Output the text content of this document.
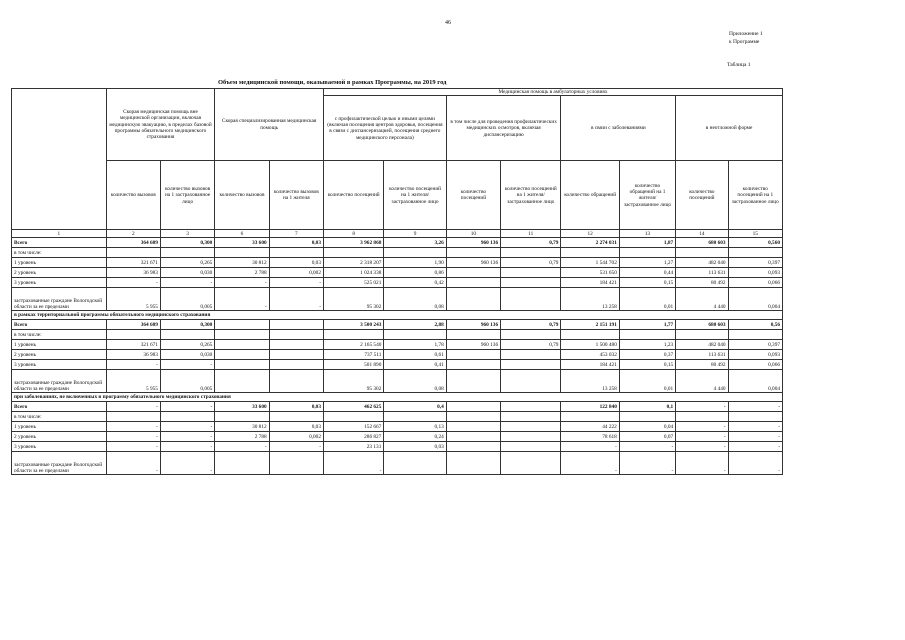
46
Приложение 1
к Программе
Таблица 1
Объем медицинской помощи, оказываемой в рамках Программы, на 2019 год
	Скорая медицинская помощь вне медицинской организации, включая медицинскую эвакуацию, в пределах базовой программы обязательного медицинского страхования		Скорая специализированная медицинская помощь		Медицинская помощь в амбулаторных условиях							
					с профилактической целью и иными целями (включая посещения центров здоровья, посещения в связи с диспансеризацией, посещения среднего медицинского персонала)		в том числе для проведения профилактических медицинских осмотров, включая диспансеризацию		в связи с заболеваниями		в неотложной форме	
	количество вызовов	количество вызовов на 1 застрахованное лицо	количество вызовов	количество вызовов на 1 жителя	количество посещений	количество посещений на 1 жителя/застрахованное лицо	количество посещений	количество посещений на 1 жителя/застрахованное лицо	количество обращений	количество обращений на 1 жителя/застрахованное лицо	количество посещений	количество посещений на 1 застрахованное лицо
1	2	3	6	7	8	9	10	11	12	13	14	15
Всего	364 609	0,300	33 600	0,03	3 962 868	3,26	960 136	0,79	2 274 031	1,87	680 603	0,560
в том числе:												
1 уровень	321 671	0,265	30 812	0,03	2 318 207	1,90	960 136	0,79	1 544 702	1,27	482 040	0,397
2 уровень	36 983	0,030	2 788	0,002	1 024 338	0,86			531 650	0,44	113 631	0,093
3 уровень	-	-	-	-	525 021	0,42			184 421	0,15	80 492	0,066
застрахованные граждане Вологодской области за ее пределами	5 955	0,005	-	-	95 302	0,08			13 258	0,01	4 440	0,004
в рамках территориальной программы обязательного медицинского страхования												
Всего	364 609	0,300			3 500 243	2,88	960 136	0,79	2 151 191	1,77	680 603	0,56
в том числе:												
1 уровень	321 671	0,265			2 165 540	1,78	960 136	0,79	1 500 480	1,23	482 040	0,397
2 уровень	36 983	0,030			737 511	0,61			453 032	0,37	113 631	0,093
3 уровень	-	-			501 890	0,41			184 421	0,15	80 492	0,066
застрахованные граждане Вологодской области за ее пределами	5 955	0,005			95 302	0,08			13 258	0,01	4 440	0,004
при заболеваниях, не включенных в программу обязательного медицинского страхования												
Всего	-	-	33 600	0,03	462 625	0,4			122 840	0,1	-	-
в том числе:												
1 уровень	-	-	30 812	0,03	152 667	0,13			44 222	0,04	-	-
2 уровень	-	-	2 788	0,002	286 827	0,24			78 618	0,07	-	-
3 уровень	-	-	-	-	23 131	0,03			-	-	-	-
застрахованные граждане Вологодской области за ее пределами	-	-			-				-	-	-	-
